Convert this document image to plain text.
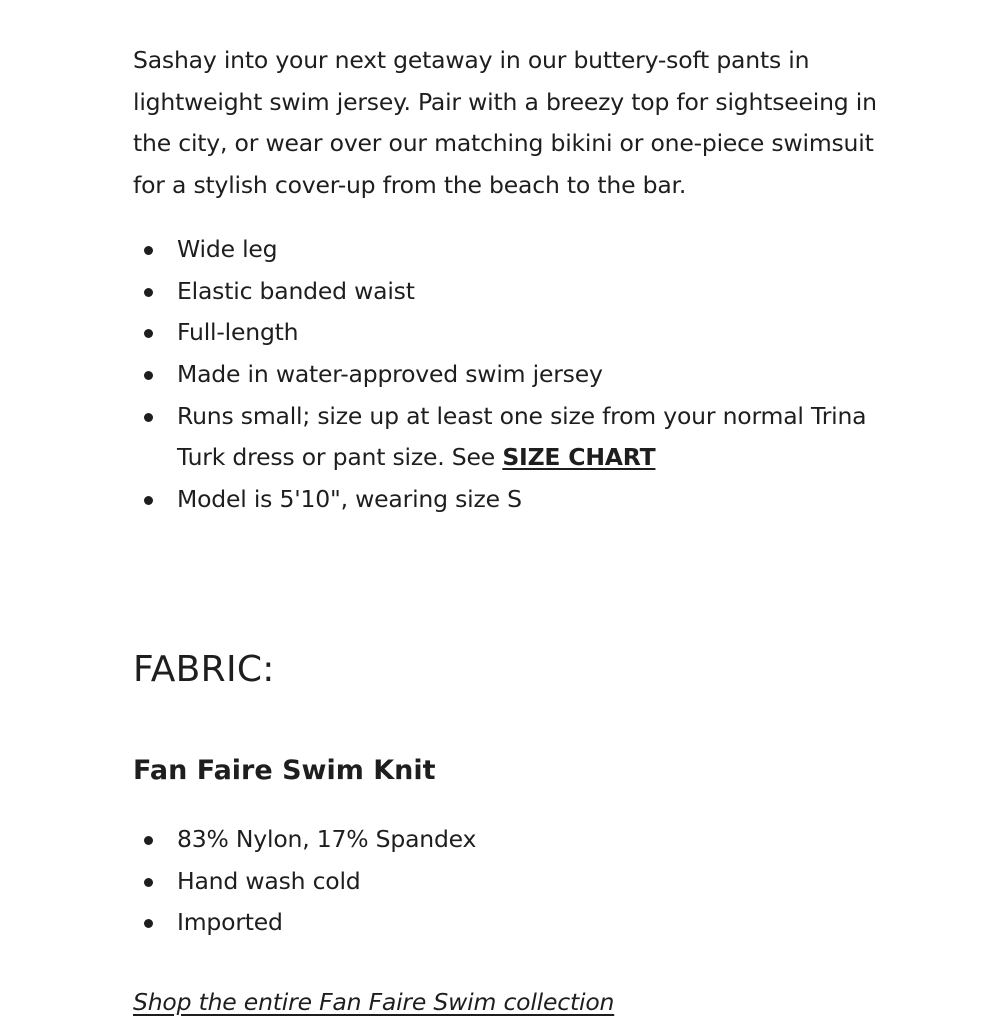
Sashay into your next getaway in our buttery-soft pants in lightweight swim jersey. Pair with a breezy top for sightseeing in the city, or wear over our matching bikini or one-piece swimsuit for a stylish cover-up from the beach to the bar.

Wide leg
Elastic banded waist
Full-length
Made in water-approved swim jersey
Runs small; size up at least one size from your normal Trina Turk dress or pant size. See SIZE CHART
Model is 5'10", wearing size S
FABRIC:
Fan Faire Swim Knit
83% Nylon, 17% Spandex
Hand wash cold
Imported
Shop the entire Fan Faire Swim collection
